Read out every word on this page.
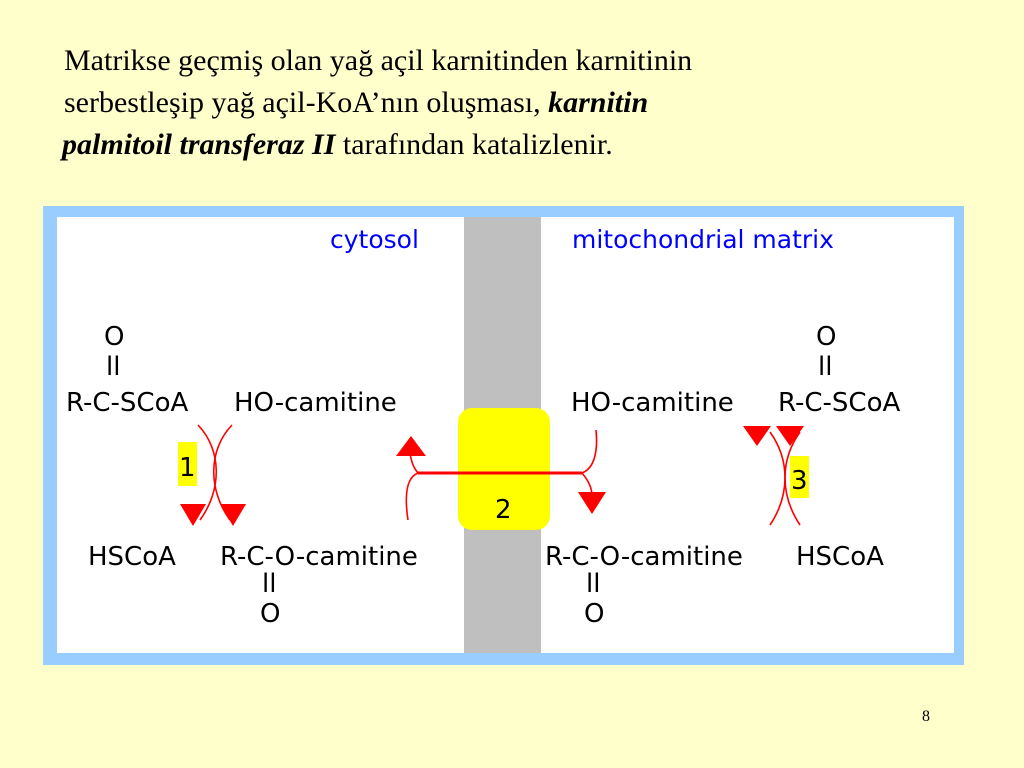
Matrikse geçmiş olan yağ açil karnitinden karnitinin
serbestleşip yağ açil-KoA’nın oluşması, karnitin
palmitoil transferaz II tarafından katalizlenir.
cytosol	mitochondrial matrix
O
ll
R-C-SCoA HO-camitine
HSCoA R-C-O-camitine
ll
O
HO-camitine
O
ll
R-C-SCoA
R-C-O-camitine HSCoA
ll
O
1
2
3
8
